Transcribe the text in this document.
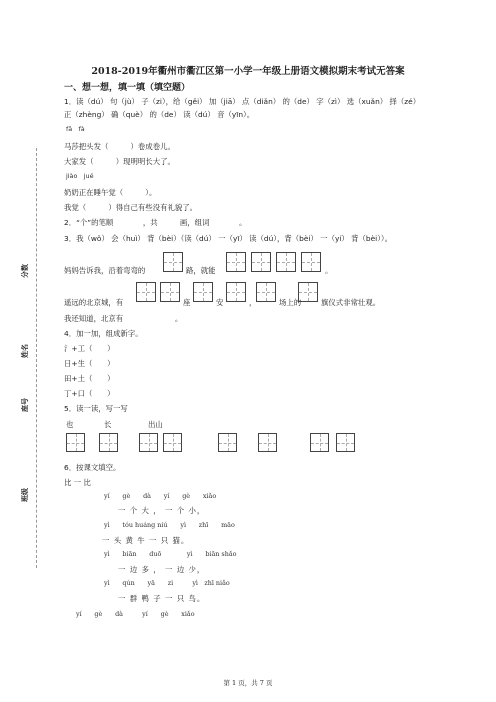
分数
姓名
座号
班级
2018-2019年衢州市衢江区第一小学一年级上册语文模拟期末考试无答案
一、想一想，填一填（填空题）
1．读（dú） 句（jù） 子（zi），给（gěi） 加（jiā） 点（diǎn） 的（de） 字（zì） 选（xuǎn） 择（zé）
正（zhèng） 确（què） 的（de） 读（dú） 音（yīn）。
fā　fà
马莎把头发（　　　）卷成卷儿。
大家发（　　　）现明明长大了。
jiào　jué
奶奶正在睡午觉（　　　）。
我觉（　　　）得自己有些没有礼貌了。
2．“个”的笔顺　　　　，共　　　画，组词　　　　。
3．我（wǒ） 会（huì） 背（bèi）（读（dú） 一（yī） 读（dú），背（bèi） 一（yí） 背（bèi））。
妈妈告诉我，沿着弯弯的	路，就能	。
遥远的北京城，有	座	安	，	场上的	旗仪式非常壮观。
我还知道，北京有　　　　　　　。
4．加一加，组成新字。
氵+工（　　）
日+生（　　）
田+土（　　）
丁+口（　　）
5．读一读，写一写
也	长	出山
6．按课文填空。
比 一 比
yí　　gè　　dà　　yí　　gè　　xiǎo
一 个 大 ， 一 个 小，
yì　　tóu huáng niú　　yì　　zhī　　māo
一 头 黄 牛 一 只 猫。
yì　　biān　　duō　　　　yì　　biān shǎo
一 边 多 ， 一 边 少，
yì　　qún　　yā　　zi　　　yì　zhī niǎo
一 群 鸭 子 一 只 鸟。
yí　　gè　　dà　　　yí　　gè　　xiǎo
第 1 页，共 7 页
